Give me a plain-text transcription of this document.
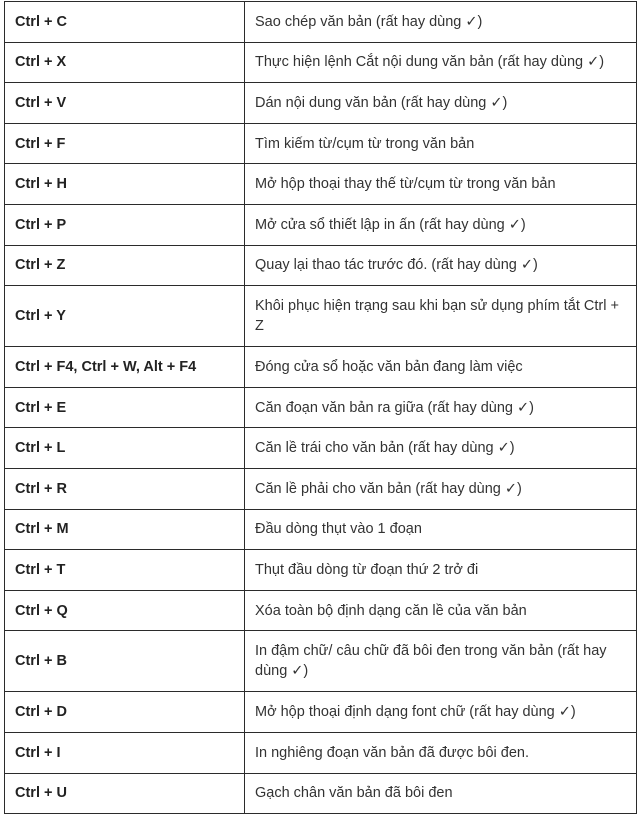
Ctrl + C	Sao chép văn bản (rất hay dùng ✓)
Ctrl + X	Thực hiện lệnh Cắt nội dung văn bản (rất hay dùng ✓)
Ctrl + V	Dán nội dung văn bản (rất hay dùng ✓)
Ctrl + F	Tìm kiếm từ/cụm từ trong văn bản
Ctrl + H	Mở hộp thoại thay thế từ/cụm từ trong văn bản
Ctrl + P	Mở cửa sổ thiết lập in ấn (rất hay dùng ✓)
Ctrl + Z	Quay lại thao tác trước đó. (rất hay dùng ✓)
Ctrl + Y	Khôi phục hiện trạng sau khi bạn sử dụng phím tắt Ctrl + Z
Ctrl + F4, Ctrl + W, Alt + F4	Đóng cửa sổ hoặc văn bản đang làm việc
Ctrl + E	Căn đoạn văn bản ra giữa (rất hay dùng ✓)
Ctrl + L	Căn lề trái cho văn bản (rất hay dùng ✓)
Ctrl + R	Căn lề phải cho văn bản (rất hay dùng ✓)
Ctrl + M	Đầu dòng thụt vào 1 đoạn
Ctrl + T	Thụt đầu dòng từ đoạn thứ 2 trở đi
Ctrl + Q	Xóa toàn bộ định dạng căn lề của văn bản
Ctrl + B	In đậm chữ/ câu chữ đã bôi đen trong văn bản (rất hay dùng ✓)
Ctrl + D	Mở hộp thoại định dạng font chữ (rất hay dùng ✓)
Ctrl + I	In nghiêng đoạn văn bản đã được bôi đen.
Ctrl + U	Gạch chân văn bản đã bôi đen
